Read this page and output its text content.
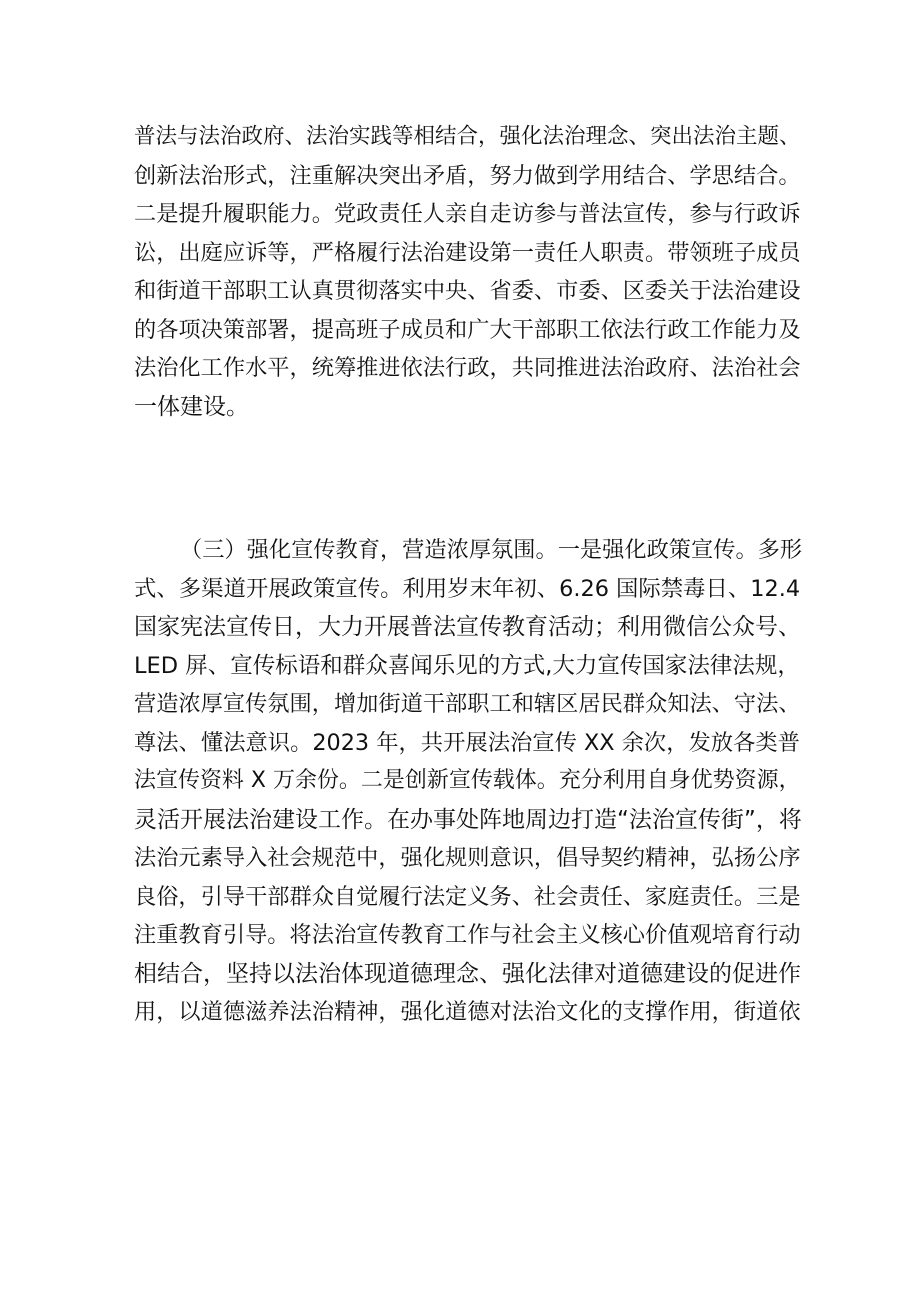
普法与法治政府、法治实践等相结合，强化法治理念、突出法治主题、
创新法治形式，注重解决突出矛盾，努力做到学用结合、学思结合。
二是提升履职能力。党政责任人亲自走访参与普法宣传，参与行政诉
讼，出庭应诉等，严格履行法治建设第一责任人职责。带领班子成员
和街道干部职工认真贯彻落实中央、省委、市委、区委关于法治建设
的各项决策部署，提高班子成员和广大干部职工依法行政工作能力及
法治化工作水平，统筹推进依法行政，共同推进法治政府、法治社会
一体建设。
（三）强化宣传教育，营造浓厚氛围。一是强化政策宣传。多形
式、多渠道开展政策宣传。利用岁末年初、6.26 国际禁毒日、12.4
国家宪法宣传日，大力开展普法宣传教育活动；利用微信公众号、
LED 屏、宣传标语和群众喜闻乐见的方式,大力宣传国家法律法规，
营造浓厚宣传氛围，增加街道干部职工和辖区居民群众知法、守法、
尊法、懂法意识。2023 年，共开展法治宣传 XX 余次，发放各类普
法宣传资料 X 万余份。二是创新宣传载体。充分利用自身优势资源，
灵活开展法治建设工作。在办事处阵地周边打造“法治宣传街”，将
法治元素导入社会规范中，强化规则意识，倡导契约精神，弘扬公序
良俗，引导干部群众自觉履行法定义务、社会责任、家庭责任。三是
注重教育引导。将法治宣传教育工作与社会主义核心价值观培育行动
相结合，坚持以法治体现道德理念、强化法律对道德建设的促进作
用，以道德滋养法治精神，强化道德对法治文化的支撑作用，街道依
